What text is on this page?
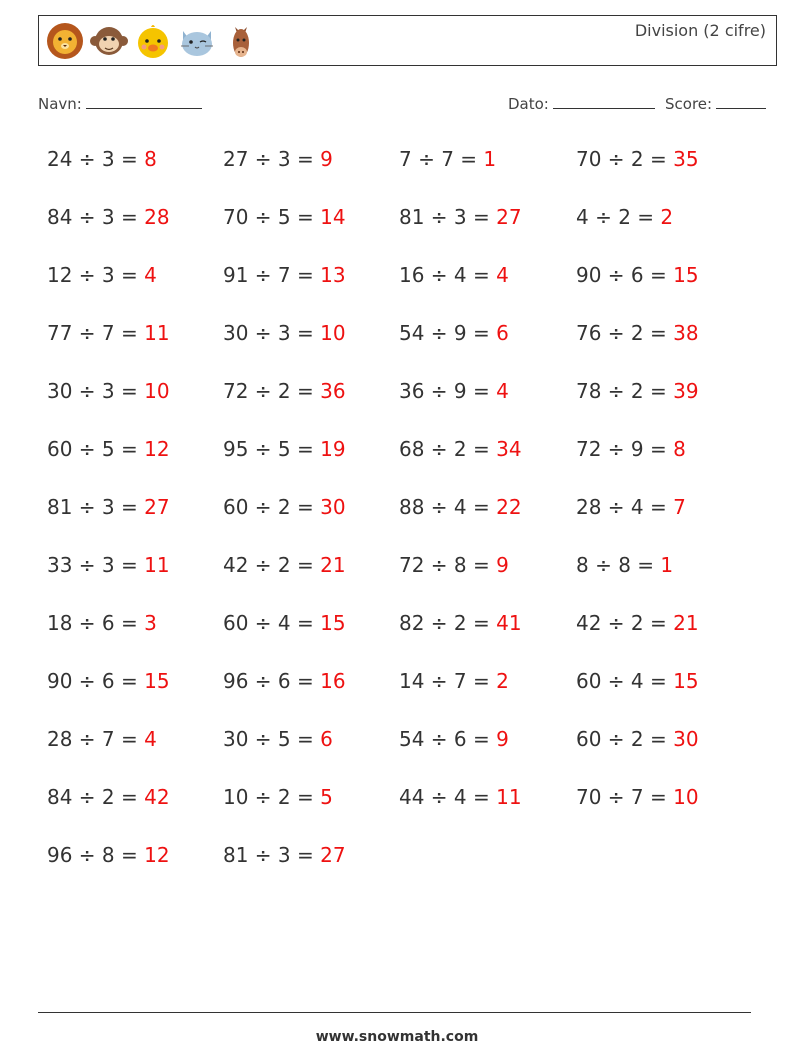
Division (2 cifre)
Navn:	Dato:	Score:
24 ÷ 3 = 8	27 ÷ 3 = 9	7 ÷ 7 = 1	70 ÷ 2 = 35
84 ÷ 3 = 28	70 ÷ 5 = 14	81 ÷ 3 = 27	4 ÷ 2 = 2
12 ÷ 3 = 4	91 ÷ 7 = 13	16 ÷ 4 = 4	90 ÷ 6 = 15
77 ÷ 7 = 11	30 ÷ 3 = 10	54 ÷ 9 = 6	76 ÷ 2 = 38
30 ÷ 3 = 10	72 ÷ 2 = 36	36 ÷ 9 = 4	78 ÷ 2 = 39
60 ÷ 5 = 12	95 ÷ 5 = 19	68 ÷ 2 = 34	72 ÷ 9 = 8
81 ÷ 3 = 27	60 ÷ 2 = 30	88 ÷ 4 = 22	28 ÷ 4 = 7
33 ÷ 3 = 11	42 ÷ 2 = 21	72 ÷ 8 = 9	8 ÷ 8 = 1
18 ÷ 6 = 3	60 ÷ 4 = 15	82 ÷ 2 = 41	42 ÷ 2 = 21
90 ÷ 6 = 15	96 ÷ 6 = 16	14 ÷ 7 = 2	60 ÷ 4 = 15
28 ÷ 7 = 4	30 ÷ 5 = 6	54 ÷ 6 = 9	60 ÷ 2 = 30
84 ÷ 2 = 42	10 ÷ 2 = 5	44 ÷ 4 = 11	70 ÷ 7 = 10
96 ÷ 8 = 12	81 ÷ 3 = 27
www.snowmath.com
